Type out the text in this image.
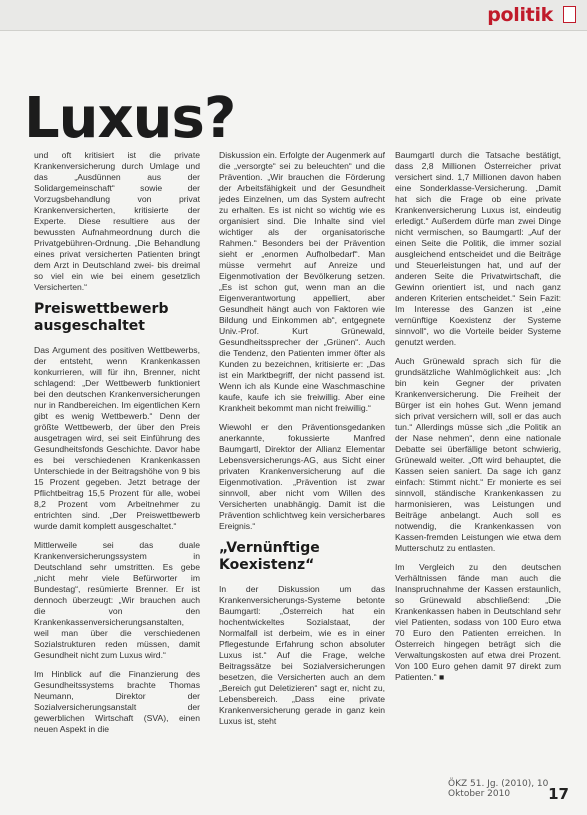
politik
Luxus?

und oft kritisiert ist die private Krankenversicherung durch Umlage und das „Ausdünnen aus der Solidargemeinschaft“ sowie der Vorzugsbehandlung von privat Krankenversicherten, kritisierte der Experte. Diese resultiere aus der bewussten Aufnahmeordnung durch die Privatgebühren-Ordnung. „Die Behandlung eines privat versicherten Patienten bringt dem Arzt in Deutschland zwei- bis dreimal so viel ein wie bei einem gesetzlich Versicherten.“

Preiswettbewerb ausgeschaltet

Das Argument des positiven Wettbewerbs, der entsteht, wenn Krankenkassen konkurrieren, will für ihn, Brenner, nicht schlagend: „Der Wettbewerb funktioniert bei den deutschen Krankenversicherungen nur in Randbereichen. Im eigentlichen Kern gibt es wenig Wettbewerb.“ Denn der größte Wettbewerb, der über den Preis ausgetragen wird, sei seit Einführung des Gesundheitsfonds Geschichte. Davor habe es bei verschiedenen Krankenkassen Unterschiede in der Beitragshöhe von 9 bis 15 Prozent gegeben. Jetzt betrage der Pflichtbeitrag 15,5 Prozent für alle, wobei 8,2 Prozent vom Arbeitnehmer zu entrichten sind. „Der Preiswettbewerb wurde damit komplett ausgeschaltet.“

Mittlerweile sei das duale Krankenversicherungssystem in Deutschland sehr umstritten. Es gebe „nicht mehr viele Befürworter im Bundestag“, resümierte Brenner. Er ist dennoch überzeugt: „Wir brauchen auch die von den Krankenkassenversicherungsanstalten, weil man über die verschiedenen Sozialstrukturen reden müssen, damit Gesundheit nicht zum Luxus wird.“

Im Hinblick auf die Finanzierung des Gesundheitssystems brachte Thomas Neumann, Direktor der Sozialversicherungsanstalt der gewerblichen Wirtschaft (SVA), einen neuen Aspekt in die

Diskussion ein. Erfolgte der Augenmerk auf die „versorgte“ sei zu beleuchten“ und die Prävention. „Wir brauchen die Förderung der Arbeitsfähigkeit und der Gesundheit jedes Einzelnen, um das System aufrecht zu erhalten. Es ist nicht so wichtig wie es organisiert sind. Die Inhalte sind viel wichtiger als der organisatorische Rahmen.“ Besonders bei der Prävention sieht er „enormen Aufholbedarf“. Man müsse vermehrt auf Anreize und Eigenmotivation der Bevölkerung setzen. „Es ist schon gut, wenn man an die Eigenverantwortung appelliert, aber Gesundheit hängt auch von Faktoren wie Bildung und Einkommen ab“, entgegnete Univ.-Prof. Kurt Grünewald, Gesundheitssprecher der „Grünen“. Auch die Tendenz, den Patienten immer öfter als Kunden zu bezeichnen, kritisierte er: „Das ist ein Marktbegriff, der nicht passend ist. Wenn ich als Kunde eine Waschmaschine kaufe, kaufe ich sie freiwillig. Aber eine Krankheit bekommt man nicht freiwillig.“

Wiewohl er den Präventionsgedanken anerkannte, fokussierte Manfred Baumgartl, Direktor der Allianz Elementar Lebensversicherungs-AG, aus Sicht einer privaten Krankenversicherung auf die Eigenmotivation. „Prävention ist zwar sinnvoll, aber nicht vom Willen des Versicherten unabhängig. Damit ist die Prävention schlichtweg kein versicherbares Ereignis.“

„Vernünftige Koexistenz“

In der Diskussion um das Krankenversicherungs-Systeme betonte Baumgartl: „Österreich hat ein hochentwickeltes Sozialstaat, der Normalfall ist derbeim, wie es in einer Pflegestunde Erfahrung schon absoluter Luxus ist.“ Auf die Frage, welche Beitragssätze bei Sozialversicherungen besetzen, die Versicherten auch an dem „Bereich gut Deletizieren“ sagt er, nicht zu, Lebensbereich. „Dass eine private Krankenversicherung gerade in ganz kein Luxus ist, steht

Baumgartl durch die Tatsache bestätigt, dass 2,8 Millionen Österreicher privat versichert sind. 1,7 Millionen davon haben eine Sonderklasse-Versicherung. „Damit hat sich die Frage ob eine private Krankenversicherung Luxus ist, eindeutig erledigt.“ Außerdem dürfe man zwei Dinge nicht vermischen, so Baumgartl: „Auf der einen Seite die Politik, die immer sozial ausgleichend entscheidet und die Beiträge und Steuerleistungen hat, und auf der anderen Seite die Privatwirtschaft, die Gewinn orientiert ist, und nach ganz anderen Kriterien entscheidet.“ Sein Fazit: Im Interesse des Ganzen ist „eine vernünftige Koexistenz der Systeme sinnvoll“, wo die Vorteile beider Systeme genutzt werden.

Auch Grünewald sprach sich für die grundsätzliche Wahlmöglichkeit aus: „Ich bin kein Gegner der privaten Krankenversicherung. Die Freiheit der Bürger ist ein hohes Gut. Wenn jemand sich privat versichern will, soll er das auch tun.“ Allerdings müsse sich „die Politik an der Nase nehmen“, denn eine nationale Debatte sei überfällige betont schwierig, Grünewald weiter. „Oft wird behauptet, die Kassen seien saniert. Da sage ich ganz einfach: Stimmt nicht.“ Er monierte es sei sinnvoll, ständische Krankenkassen zu harmonisieren, was Leistungen und Beiträge anbelangt. Auch soll es notwendig, die Krankenkassen von Kassen-fremden Leistungen wie etwa dem Mutterschutz zu entlasten.

Im Vergleich zu den deutschen Verhältnissen fände man auch die Inanspruchnahme der Kassen erstaunlich, so Grünewald abschließend: „Die Krankenkassen haben in Deutschland sehr viel Patienten, sodass von 100 Euro etwa 70 Euro den Patienten erreichen. In Österreich hingegen beträgt sich die Verwaltungskosten auf etwa drei Prozent. Von 100 Euro gehen damit 97 direkt zum Patienten.“ ■

ÖKZ 51. Jg. (2010), 10 Oktober 2010	17
